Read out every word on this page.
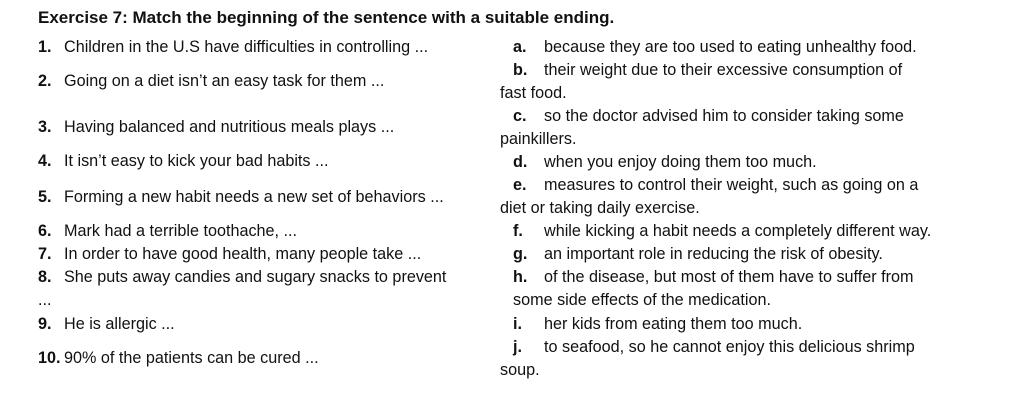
Exercise 7: Match the beginning of the sentence with a suitable ending.
1. Children in the U.S have difficulties in controlling ...
2. Going on a diet isn’t an easy task for them ...
3. Having balanced and nutritious meals plays ...
4. It isn’t easy to kick your bad habits ...
5. Forming a new habit needs a new set of behaviors ...
6. Mark had a terrible toothache, ...
7. In order to have good health, many people take ...
8. She puts away candies and sugary snacks to prevent
...
9. He is allergic ...
10. 90% of the patients can be cured ...
a. because they are too used to eating unhealthy food.
b. their weight due to their excessive consumption of
fast food.
c. so the doctor advised him to consider taking some
painkillers.
d. when you enjoy doing them too much.
e. measures to control their weight, such as going on a
diet or taking daily exercise.
f. while kicking a habit needs a completely different way.
g. an important role in reducing the risk of obesity.
h. of the disease, but most of them have to suffer from
some side effects of the medication.
i. her kids from eating them too much.
j. to seafood, so he cannot enjoy this delicious shrimp
soup.
